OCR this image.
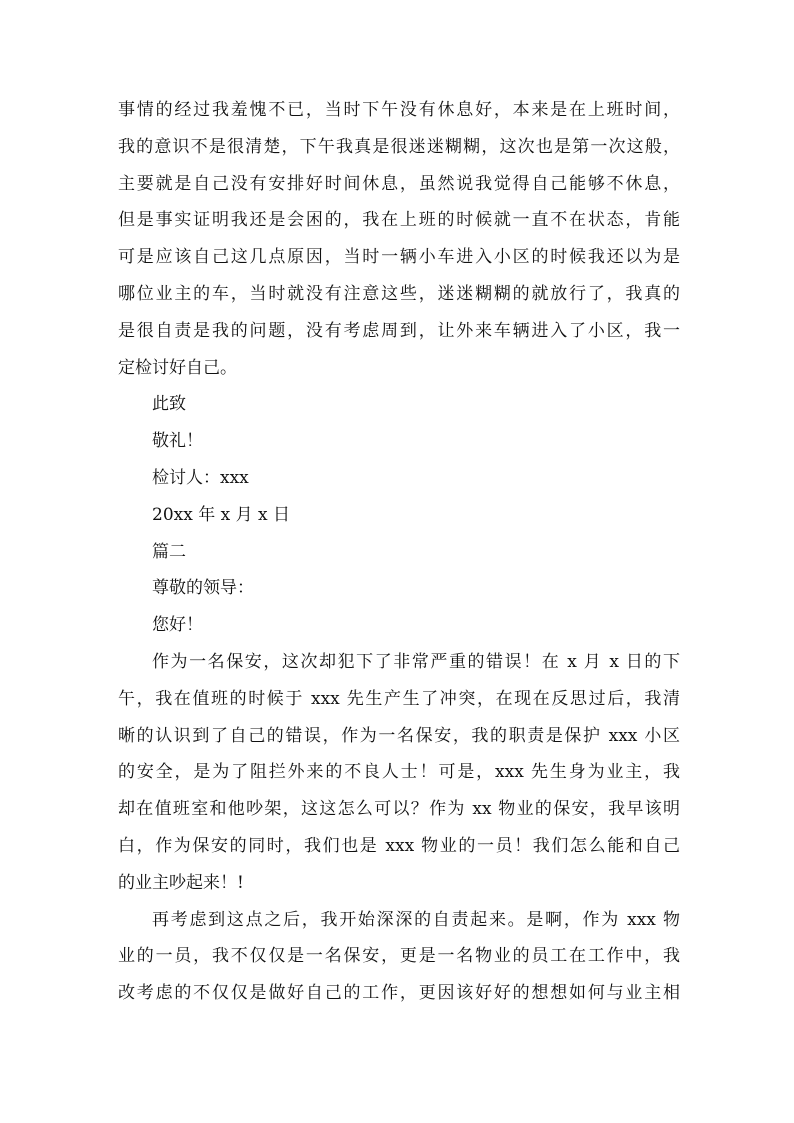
事情的经过我羞愧不已，当时下午没有休息好，本来是在上班时间，
我的意识不是很清楚，下午我真是很迷迷糊糊，这次也是第一次这般，
主要就是自己没有安排好时间休息，虽然说我觉得自己能够不休息，
但是事实证明我还是会困的，我在上班的时候就一直不在状态，肯能
可是应该自己这几点原因，当时一辆小车进入小区的时候我还以为是
哪位业主的车，当时就没有注意这些，迷迷糊糊的就放行了，我真的
是很自责是我的问题，没有考虑周到，让外来车辆进入了小区，我一
定检讨好自己。
此致
敬礼！
检讨人：xxx
20xx 年 x 月 x 日
篇二
尊敬的领导：
您好！
作为一名保安，这次却犯下了非常严重的错误！在 x 月 x 日的下
午，我在值班的时候于 xxx 先生产生了冲突，在现在反思过后，我清
晰的认识到了自己的错误，作为一名保安，我的职责是保护 xxx 小区
的安全，是为了阻拦外来的不良人士！可是，xxx 先生身为业主，我
却在值班室和他吵架，这这怎么可以？作为 xx 物业的保安，我早该明
白，作为保安的同时，我们也是 xxx 物业的一员！我们怎么能和自己
的业主吵起来！!
再考虑到这点之后，我开始深深的自责起来。是啊，作为 xxx 物
业的一员，我不仅仅是一名保安，更是一名物业的员工在工作中，我
改考虑的不仅仅是做好自己的工作，更因该好好的想想如何与业主相
